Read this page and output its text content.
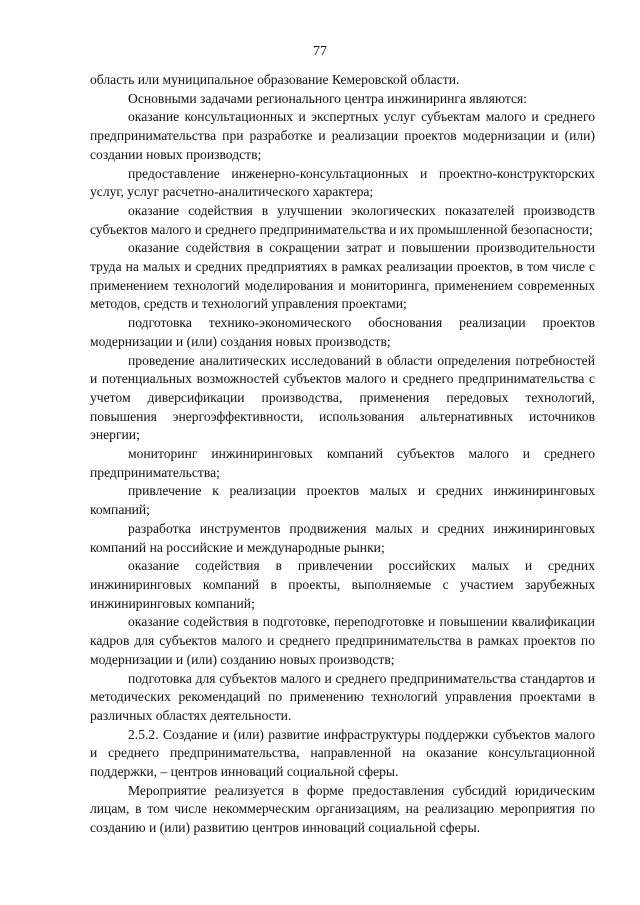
77

область или муниципальное образование Кемеровской области.

Основными задачами регионального центра инжиниринга являются:

оказание консультационных и экспертных услуг субъектам малого и среднего предпринимательства при разработке и реализации проектов модернизации и (или) создании новых производств;

предоставление инженерно-консультационных и проектно-конструкторских услуг, услуг расчетно-аналитического характера;

оказание содействия в улучшении экологических показателей производств субъектов малого и среднего предпринимательства и их промышленной безопасности;

оказание содействия в сокращении затрат и повышении производительности труда на малых и средних предприятиях в рамках реализации проектов, в том числе с применением технологий моделирования и мониторинга, применением современных методов, средств и технологий управления проектами;

подготовка технико-экономического обоснования реализации проектов модернизации и (или) создания новых производств;

проведение аналитических исследований в области определения потребностей и потенциальных возможностей субъектов малого и среднего предпринимательства с учетом диверсификации производства, применения передовых технологий, повышения энергоэффективности, использования альтернативных источников энергии;

мониторинг инжиниринговых компаний субъектов малого и среднего предпринимательства;

привлечение к реализации проектов малых и средних инжиниринговых компаний;

разработка инструментов продвижения малых и средних инжиниринговых компаний на российские и международные рынки;

оказание содействия в привлечении российских малых и средних инжиниринговых компаний в проекты, выполняемые с участием зарубежных инжиниринговых компаний;

оказание содействия в подготовке, переподготовке и повышении квалификации кадров для субъектов малого и среднего предпринимательства в рамках проектов по модернизации и (или) созданию новых производств;

подготовка для субъектов малого и среднего предпринимательства стандартов и методических рекомендаций по применению технологий управления проектами в различных областях деятельности.

2.5.2. Создание и (или) развитие инфраструктуры поддержки субъектов малого и среднего предпринимательства, направленной на оказание консультационной поддержки, – центров инноваций социальной сферы.

Мероприятие реализуется в форме предоставления субсидий юридическим лицам, в том числе некоммерческим организациям, на реализацию мероприятия по созданию и (или) развитию центров инноваций социальной сферы.
